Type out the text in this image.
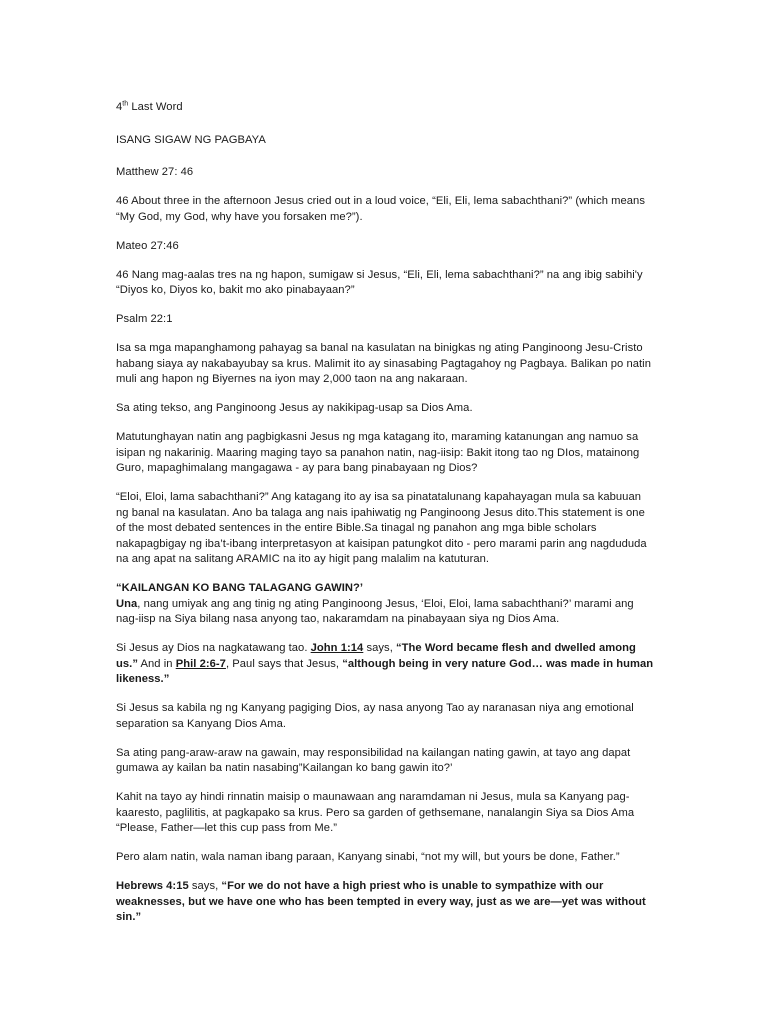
4th Last Word
ISANG SIGAW NG PAGBAYA
Matthew 27: 46
46 About three in the afternoon Jesus cried out in a loud voice, “Eli, Eli, lema sabachthani?” (which means “My God, my God, why have you forsaken me?”).
Mateo 27:46
46 Nang mag-aalas tres na ng hapon, sumigaw si Jesus, “Eli, Eli, lema sabachthani?” na ang ibig sabihi'y “Diyos ko, Diyos ko, bakit mo ako pinabayaan?”
Psalm 22:1
Isa sa mga mapanghamong pahayag sa banal na kasulatan na binigkas ng ating Panginoong Jesu-Cristo habang siaya ay nakabayubay sa krus. Malimit ito ay sinasabing Pagtagahoy ng Pagbaya. Balikan po natin muli ang hapon ng Biyernes na iyon may 2,000 taon na ang nakaraan.
Sa ating tekso, ang Panginoong Jesus ay nakikipag-usap sa Dios Ama.
Matutunghayan natin ang pagbigkasni Jesus ng mga katagang ito, maraming katanungan ang namuo sa isipan ng nakarinig. Maaring maging tayo sa panahon natin, nag-iisip: Bakit itong tao ng DIos, matainong Guro, mapaghimalang mangagawa - ay para bang pinabayaan ng Dios?
“Eloi, Eloi, lama sabachthani?” Ang katagang ito ay isa sa pinatatalunang kapahayagan mula sa kabuuan ng banal na kasulatan. Ano ba talaga ang nais ipahiwatig ng Panginoong Jesus dito.This statement is one of the most debated sentences in the entire Bible.Sa tinagal ng panahon ang mga bible scholars nakapagbigay ng iba’t-ibang interpretasyon at kaisipan patungkot dito - pero marami parin ang nagdududa na ang apat na salitang ARAMIC na ito ay higit pang malalim na katuturan.
“KAILANGAN KO BANG TALAGANG GAWIN?’
Una, nang umiyak ang ang tinig ng ating Panginoong Jesus, ‘Eloi, Eloi, lama sabachthani?’ marami ang nag-iisp na Siya bilang nasa anyong tao, nakaramdam na pinabayaan siya ng Dios Ama.
Si Jesus ay Dios na nagkatawang tao. John 1:14 says, “The Word became flesh and dwelled among us.” And in Phil 2:6-7, Paul says that Jesus, “although being in very nature God… was made in human likeness.”
Si Jesus sa kabila ng ng Kanyang pagiging Dios, ay nasa anyong Tao ay naranasan niya ang emotional separation sa Kanyang Dios Ama.
Sa ating pang-araw-araw na gawain, may responsibilidad na kailangan nating gawin, at tayo ang dapat gumawa ay kailan ba natin nasabing”Kailangan ko bang gawin ito?’
Kahit na tayo ay hindi rinnatin maisip o maunawaan ang naramdaman ni Jesus, mula sa Kanyang pag-kaaresto, paglilitis, at pagkapako sa krus. Pero sa garden of gethsemane, nanalangin Siya sa Dios Ama “Please, Father—let this cup pass from Me.”
Pero alam natin, wala naman ibang paraan, Kanyang sinabi, “not my will, but yours be done, Father.”
Hebrews 4:15 says, “For we do not have a high priest who is unable to sympathize with our weaknesses, but we have one who has been tempted in every way, just as we are—yet was without sin.”
